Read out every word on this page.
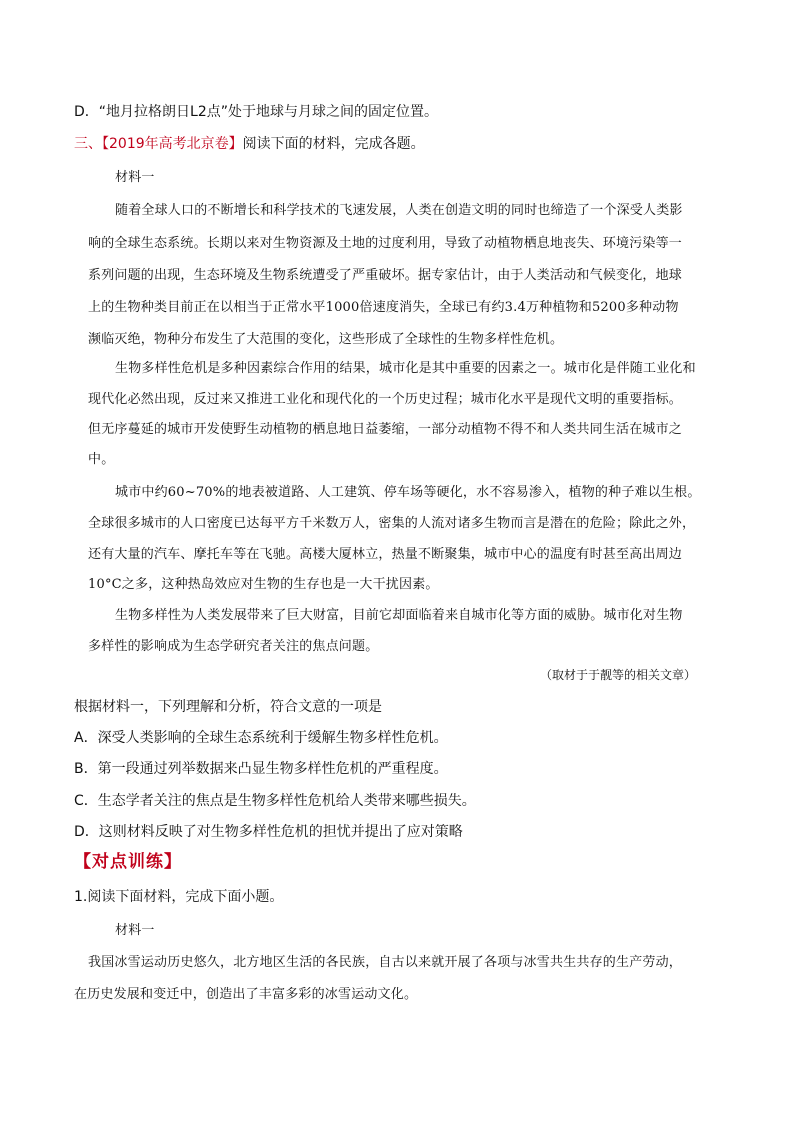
D．“地月拉格朗日L2点”处于地球与月球之间的固定位置。
三、【2019年高考北京卷】阅读下面的材料，完成各题。
材料一
随着全球人口的不断增长和科学技术的飞速发展，人类在创造文明的同时也缔造了一个深受人类影
响的全球生态系统。长期以来对生物资源及土地的过度利用，导致了动植物栖息地丧失、环境污染等一
系列问题的出现，生态环境及生物系统遭受了严重破坏。据专家估计，由于人类活动和气候变化，地球
上的生物种类目前正在以相当于正常水平1000倍速度消失，全球已有约3.4万种植物和5200多种动物
濒临灭绝，物种分布发生了大范围的变化，这些形成了全球性的生物多样性危机。
生物多样性危机是多种因素综合作用的结果，城市化是其中重要的因素之一。城市化是伴随工业化和
现代化必然出现，反过来又推进工业化和现代化的一个历史过程；城市化水平是现代文明的重要指标。
但无序蔓延的城市开发使野生动植物的栖息地日益萎缩，一部分动植物不得不和人类共同生活在城市之
中。
城市中约60~70%的地表被道路、人工建筑、停车场等硬化，水不容易渗入，植物的种子难以生根。
全球很多城市的人口密度已达每平方千米数万人，密集的人流对诸多生物而言是潜在的危险；除此之外，
还有大量的汽车、摩托车等在飞驰。高楼大厦林立，热量不断聚集，城市中心的温度有时甚至高出周边
10°C之多，这种热岛效应对生物的生存也是一大干扰因素。
生物多样性为人类发展带来了巨大财富，目前它却面临着来自城市化等方面的威胁。城市化对生物
多样性的影响成为生态学研究者关注的焦点问题。
（取材于于靓等的相关文章）
根据材料一，下列理解和分析，符合文意的一项是
A．深受人类影响的全球生态系统利于缓解生物多样性危机。
B．第一段通过列举数据来凸显生物多样性危机的严重程度。
C．生态学者关注的焦点是生物多样性危机给人类带来哪些损失。
D．这则材料反映了对生物多样性危机的担忧并提出了应对策略
【对点训练】
1.阅读下面材料，完成下面小题。
材料一
我国冰雪运动历史悠久，北方地区生活的各民族，自古以来就开展了各项与冰雪共生共存的生产劳动，
在历史发展和变迁中，创造出了丰富多彩的冰雪运动文化。
